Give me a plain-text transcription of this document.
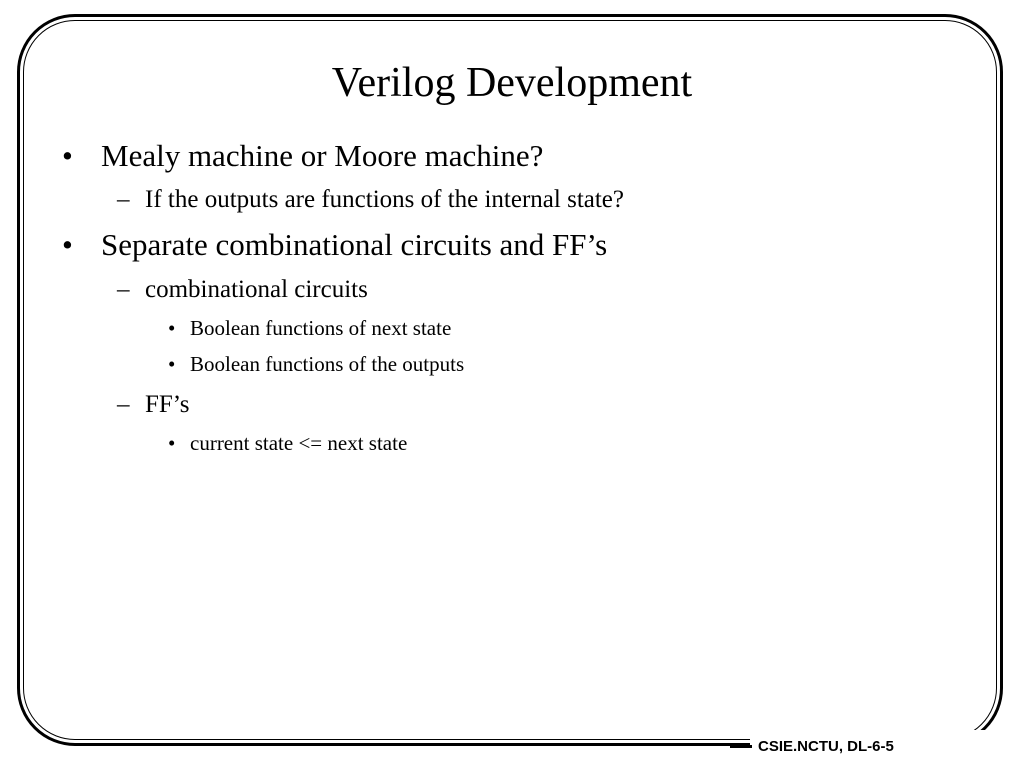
CSIE.NCTU, DL-6-5
Verilog Development
• Mealy machine or Moore machine?
– If the outputs are functions of the internal state?
• Separate combinational circuits and FF’s
– combinational circuits
• Boolean functions of next state
• Boolean functions of the outputs
– FF’s
• current state <= next state
